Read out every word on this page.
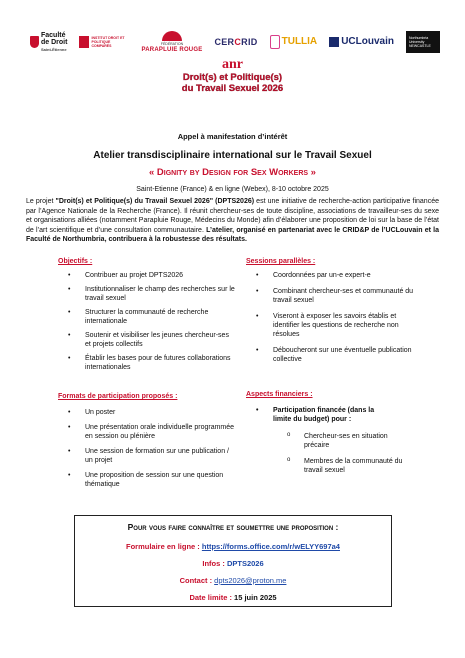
Faculté
de Droit
Saint-Étienne
INSTITUT DROIT ET POLITIQUE COMPARÉS	FÉDÉRATION
PARAPLUIE ROUGE
CER C RID TULLIA UCLouvain	Northumbria University NEWCASTLE
anr
Droit(s) et Politique(s)
du Travail Sexuel 2026
Appel à manifestation d’intérêt
Atelier transdisciplinaire international sur le Travail Sexuel
« Dignity by Design for Sex Workers »
Saint-Etienne (France) & en ligne (Webex), 8-10 octobre 2025
Le projet "Droit(s) et Politique(s) du Travail Sexuel 2026" (DPTS2026) est une initiative de recherche-action participative financée par l’Agence Nationale de la Recherche (France). Il réunit chercheur-ses de toute discipline, associations de travailleur-ses du sexe et organisations alliées (notamment Parapluie Rouge, Médecins du Monde) afin d’élaborer une proposition de loi sur la base de l’état de l’art scientifique et d’une consultation communautaire. L’atelier, organisé en partenariat avec le CRID&P de l’UCLouvain et la Faculté de Northumbria, contribuera à la robustesse des résultats.
Objectifs :
• Contribuer au projet DPTS2026
• Institutionnaliser le champ des recherches sur le travail sexuel
• Structurer la communauté de recherche internationale
• Soutenir et visibiliser les jeunes chercheur-ses et projets collectifs
• Établir les bases pour de futures collaborations internationales
Formats de participation proposés :
• Un poster
• Une présentation orale individuelle programmée en session ou plénière
• Une session de formation sur une publication / un projet
• Une proposition de session sur une question thématique
Sessions parallèles :
• Coordonnées par un-e expert-e
• Combinant chercheur-ses et communauté du travail sexuel
• Viseront à exposer les savoirs établis et identifier les questions de recherche non résolues
• Déboucheront sur une éventuelle publication collective
Aspects financiers :
• Participation financée (dans la limite du budget) pour :
o Chercheur-ses en situation précaire
o Membres de la communauté du travail sexuel
Pour vous faire connaître et soumettre une proposition :
Formulaire en ligne : https://forms.office.com/r/wELYY697a4
Infos : DPTS2026
Contact : dpts2026@proton.me
Date limite : 15 juin 2025
